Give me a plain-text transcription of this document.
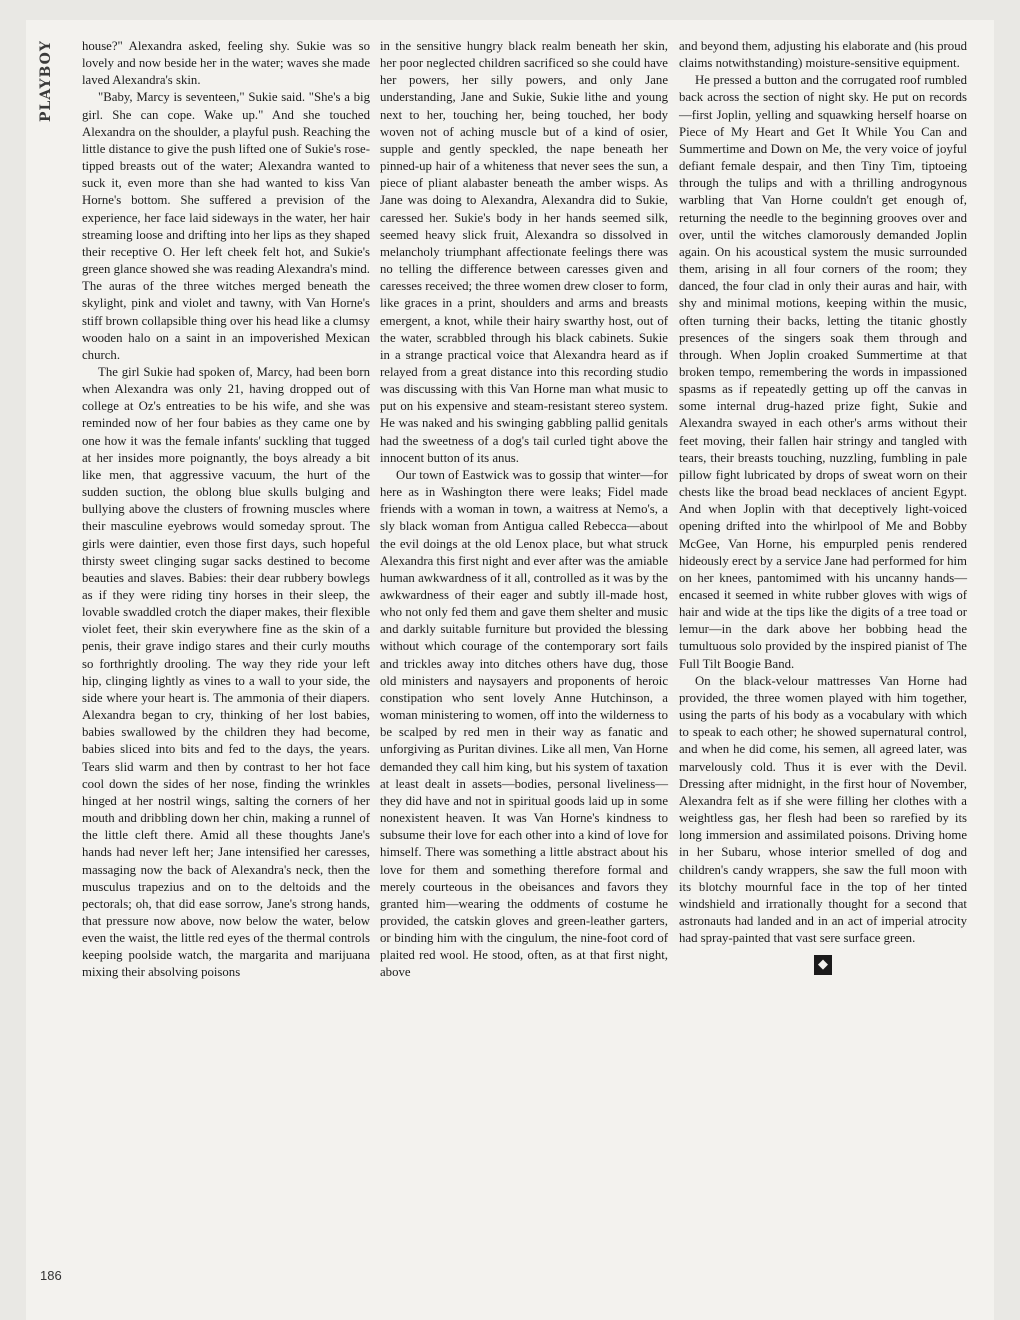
PLAYBOY	house?" Alexandra asked, feeling shy. Sukie was so lovely and now beside her in the water; waves she made laved Alexandra's skin.

"Baby, Marcy is seventeen," Sukie said. "She's a big girl. She can cope. Wake up." And she touched Alexandra on the shoulder, a playful push. Reaching the little distance to give the push lifted one of Sukie's rose-tipped breasts out of the water; Alexandra wanted to suck it, even more than she had wanted to kiss Van Horne's bottom. She suffered a prevision of the experience, her face laid sideways in the water, her hair streaming loose and drifting into her lips as they shaped their receptive O. Her left cheek felt hot, and Sukie's green glance showed she was reading Alexandra's mind. The auras of the three witches merged beneath the skylight, pink and violet and tawny, with Van Horne's stiff brown collapsible thing over his head like a clumsy wooden halo on a saint in an impoverished Mexican church.

The girl Sukie had spoken of, Marcy, had been born when Alexandra was only 21, having dropped out of college at Oz's entreaties to be his wife, and she was reminded now of her four babies as they came one by one how it was the female infants' suckling that tugged at her insides more poignantly, the boys already a bit like men, that aggressive vacuum, the hurt of the sudden suction, the oblong blue skulls bulging and bullying above the clusters of frowning muscles where their masculine eyebrows would someday sprout. The girls were daintier, even those first days, such hopeful thirsty sweet clinging sugar sacks destined to become beauties and slaves. Babies: their dear rubbery bowlegs as if they were riding tiny horses in their sleep, the lovable swaddled crotch the diaper makes, their flexible violet feet, their skin everywhere fine as the skin of a penis, their grave indigo stares and their curly mouths so forthrightly drooling. The way they ride your left hip, clinging lightly as vines to a wall to your side, the side where your heart is. The ammonia of their diapers. Alexandra began to cry, thinking of her lost babies, babies swallowed by the children they had become, babies sliced into bits and fed to the days, the years. Tears slid warm and then by contrast to her hot face cool down the sides of her nose, finding the wrinkles hinged at her nostril wings, salting the corners of her mouth and dribbling down her chin, making a runnel of the little cleft there. Amid all these thoughts Jane's hands had never left her; Jane intensified her caresses, massaging now the back of Alexandra's neck, then the musculus trapezius and on to the deltoids and the pectorals; oh, that did ease sorrow, Jane's strong hands, that pressure now above, now below the water, below even the waist, the little red eyes of the thermal controls keeping poolside watch, the margarita and marijuana mixing their absolving poisons

in the sensitive hungry black realm beneath her skin, her poor neglected children sacrificed so she could have her powers, her silly powers, and only Jane understanding, Jane and Sukie, Sukie lithe and young next to her, touching her, being touched, her body woven not of aching muscle but of a kind of osier, supple and gently speckled, the nape beneath her pinned-up hair of a whiteness that never sees the sun, a piece of pliant alabaster beneath the amber wisps. As Jane was doing to Alexandra, Alexandra did to Sukie, caressed her. Sukie's body in her hands seemed silk, seemed heavy slick fruit, Alexandra so dissolved in melancholy triumphant affectionate feelings there was no telling the difference between caresses given and caresses received; the three women drew closer to form, like graces in a print, shoulders and arms and breasts emergent, a knot, while their hairy swarthy host, out of the water, scrabbled through his black cabinets. Sukie in a strange practical voice that Alexandra heard as if relayed from a great distance into this recording studio was discussing with this Van Horne man what music to put on his expensive and steam-resistant stereo system. He was naked and his swinging gabbling pallid genitals had the sweetness of a dog's tail curled tight above the innocent button of its anus.

Our town of Eastwick was to gossip that winter—for here as in Washington there were leaks; Fidel made friends with a woman in town, a waitress at Nemo's, a sly black woman from Antigua called Rebecca—about the evil doings at the old Lenox place, but what struck Alexandra this first night and ever after was the amiable human awkwardness of it all, controlled as it was by the awkwardness of their eager and subtly ill-made host, who not only fed them and gave them shelter and music and darkly suitable furniture but provided the blessing without which courage of the contemporary sort fails and trickles away into ditches others have dug, those old ministers and naysayers and proponents of heroic constipation who sent lovely Anne Hutchinson, a woman ministering to women, off into the wilderness to be scalped by red men in their way as fanatic and unforgiving as Puritan divines. Like all men, Van Horne demanded they call him king, but his system of taxation at least dealt in assets—bodies, personal liveliness—they did have and not in spiritual goods laid up in some nonexistent heaven. It was Van Horne's kindness to subsume their love for each other into a kind of love for himself. There was something a little abstract about his love for them and something therefore formal and merely courteous in the obeisances and favors they granted him—wearing the oddments of costume he provided, the catskin gloves and green-leather garters, or binding him with the cingulum, the nine-foot cord of plaited red wool. He stood, often, as at that first night, above

and beyond them, adjusting his elaborate and (his proud claims notwithstanding) moisture-sensitive equipment.

He pressed a button and the corrugated roof rumbled back across the section of night sky. He put on records—first Joplin, yelling and squawking herself hoarse on Piece of My Heart and Get It While You Can and Summertime and Down on Me, the very voice of joyful defiant female despair, and then Tiny Tim, tiptoeing through the tulips and with a thrilling androgynous warbling that Van Horne couldn't get enough of, returning the needle to the beginning grooves over and over, until the witches clamorously demanded Joplin again. On his acoustical system the music surrounded them, arising in all four corners of the room; they danced, the four clad in only their auras and hair, with shy and minimal motions, keeping within the music, often turning their backs, letting the titanic ghostly presences of the singers soak them through and through. When Joplin croaked Summertime at that broken tempo, remembering the words in impassioned spasms as if repeatedly getting up off the canvas in some internal drug-hazed prize fight, Sukie and Alexandra swayed in each other's arms without their feet moving, their fallen hair stringy and tangled with tears, their breasts touching, nuzzling, fumbling in pale pillow fight lubricated by drops of sweat worn on their chests like the broad bead necklaces of ancient Egypt. And when Joplin with that deceptively light-voiced opening drifted into the whirlpool of Me and Bobby McGee, Van Horne, his empurpled penis rendered hideously erect by a service Jane had performed for him on her knees, pantomimed with his uncanny hands—encased it seemed in white rubber gloves with wigs of hair and wide at the tips like the digits of a tree toad or lemur—in the dark above her bobbing head the tumultuous solo provided by the inspired pianist of The Full Tilt Boogie Band.

On the black-velour mattresses Van Horne had provided, the three women played with him together, using the parts of his body as a vocabulary with which to speak to each other; he showed supernatural control, and when he did come, his semen, all agreed later, was marvelously cold. Thus it is ever with the Devil. Dressing after midnight, in the first hour of November, Alexandra felt as if she were filling her clothes with a weightless gas, her flesh had been so rarefied by its long immersion and assimilated poisons. Driving home in her Subaru, whose interior smelled of dog and children's candy wrappers, she saw the full moon with its blotchy mournful face in the top of her tinted windshield and irrationally thought for a second that astronauts had landed and in an act of imperial atrocity had spray-painted that vast sere surface green.

◆
186
